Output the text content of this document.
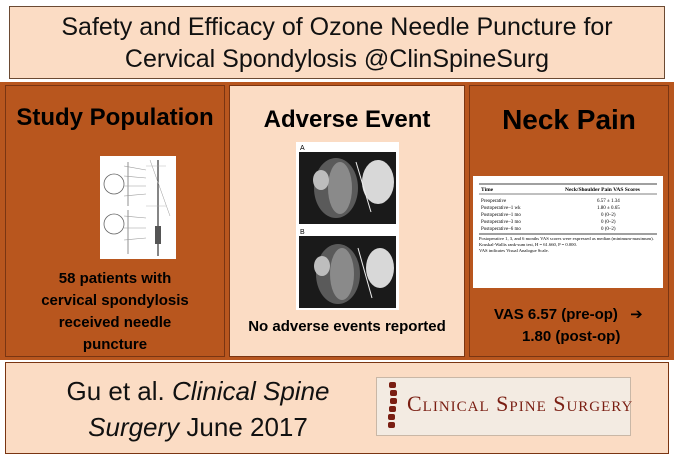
Safety and Efficacy of Ozone Needle Puncture for
Cervical Spondylosis @ClinSpineSurg
Study Population
58 patients with
cervical spondylosis
received needle
puncture
Adverse Event
A
B
No adverse events reported
Neck Pain
Time	Neck/Shoulder Pain VAS Scores
Preoperative	6.57 ± 1.34
Postoperative–1 wk	1.80 ± 0.65
Postoperative–1 mo	0 (0–2)
Postoperative–3 mo	0 (0–2)
Postoperative–6 mo	0 (0–2)
Postoperative 1, 3, and 6 months VAS scores were expressed as median (minimum-maximum).
Kruskal-Wallis rank-sum test, H = 61.660, P = 0.000.
VAS indicates Visual Analogue Scale.
VAS 6.57 (pre-op) ➔
1.80 (post-op)
Gu et al. Clinical Spine Surgery June 2017
Clinical Spine Surgery
